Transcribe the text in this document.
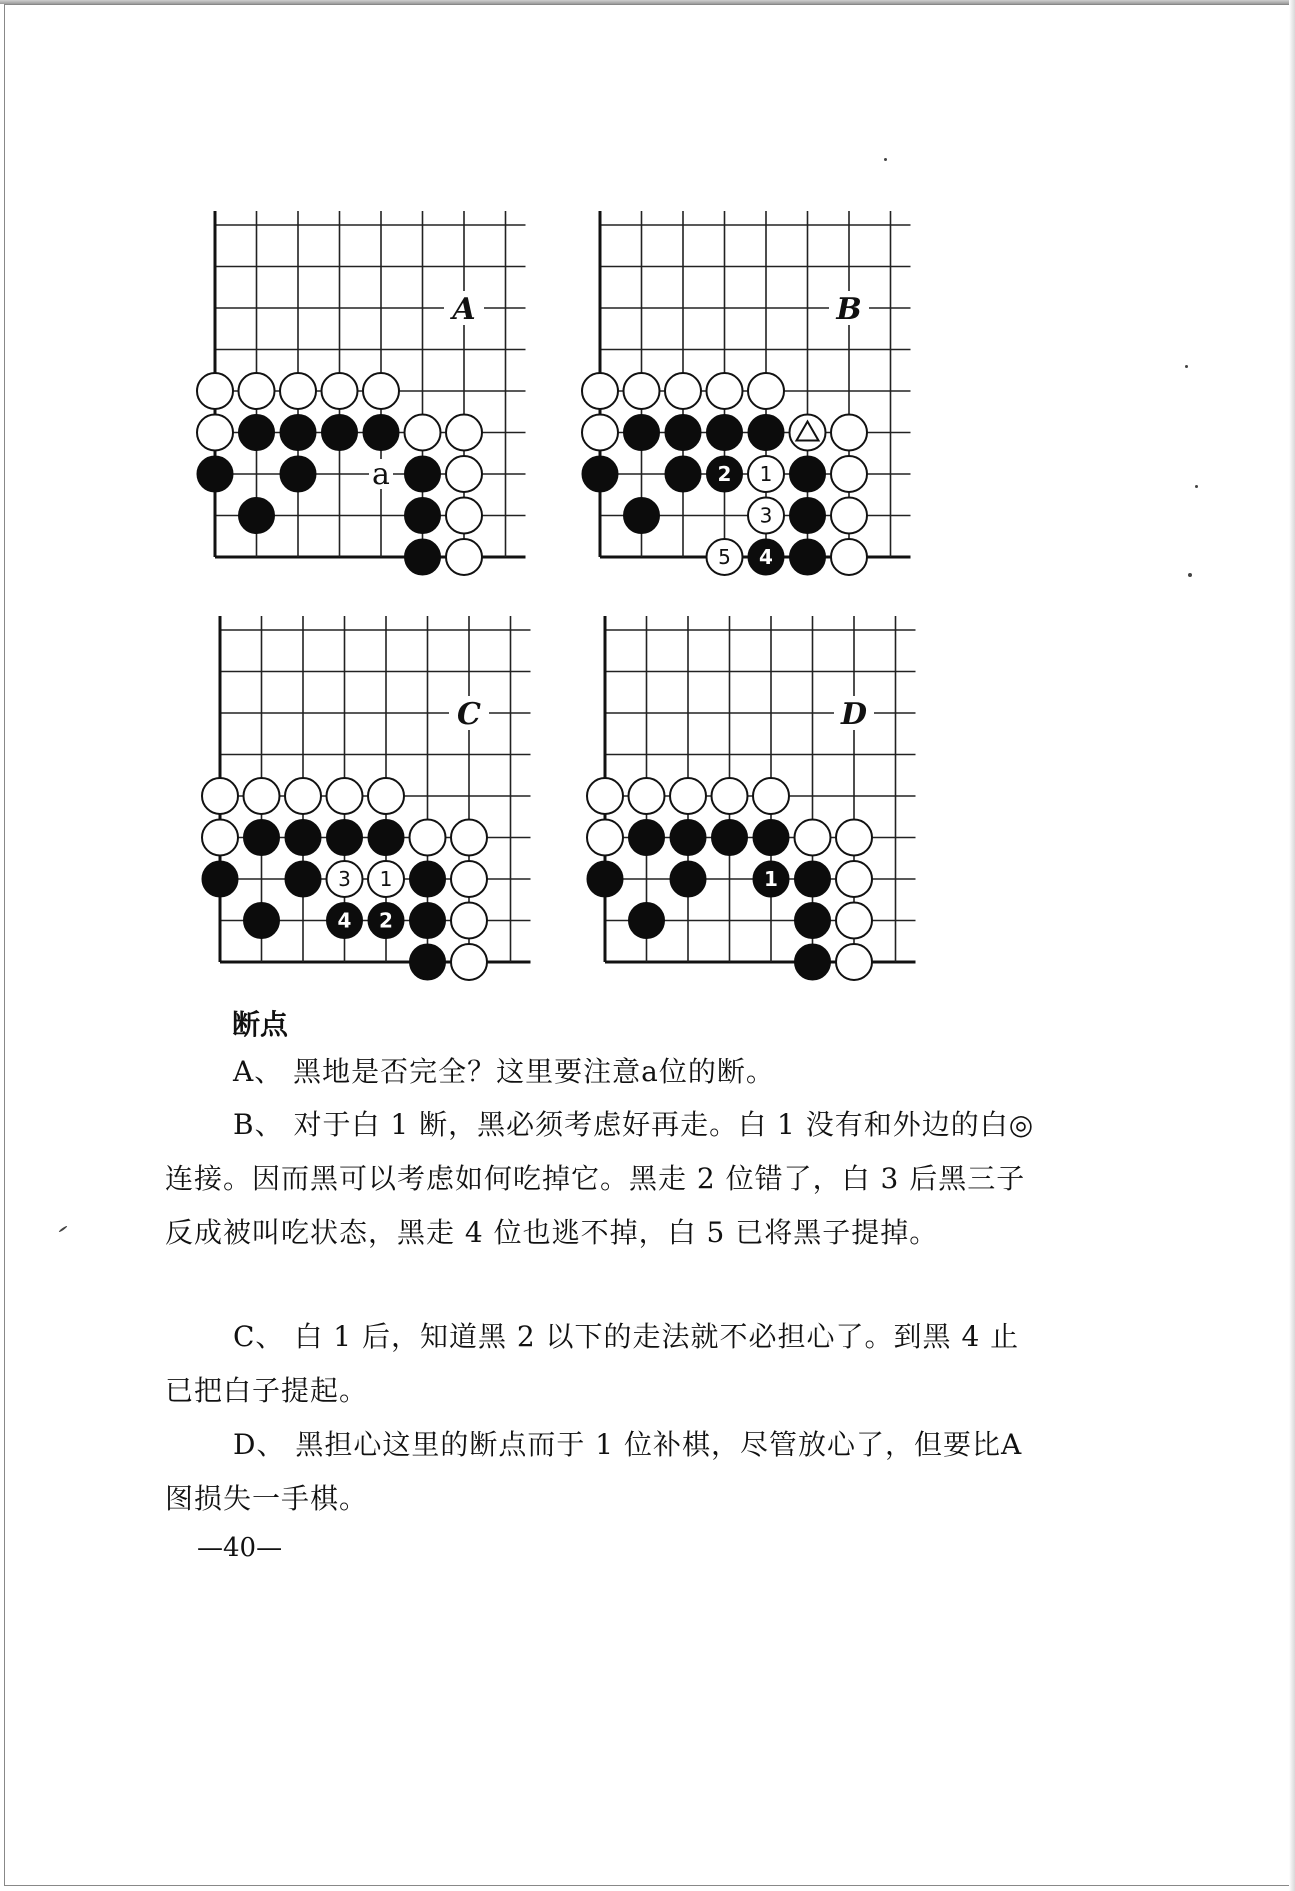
A
a
B
2 1
3
5 4
C
3 1
4 2
D
1
断点

A、 黑地是否完全？这里要注意a位的断。

B、 对于白 1 断，黑必须考虑好再走。白 1 没有和外边的白◎连接。因而黑可以考虑如何吃掉它。黑走 2 位错了，白 3 后黑三子反成被叫吃状态，黑走 4 位也逃不掉，白 5 已将黑子提掉。

C、 白 1 后，知道黑 2 以下的走法就不必担心了。到黑 4 止已把白子提起。

D、 黑担心这里的断点而于 1 位补棋，尽管放心了，但要比A 图损失一手棋。

—40—
